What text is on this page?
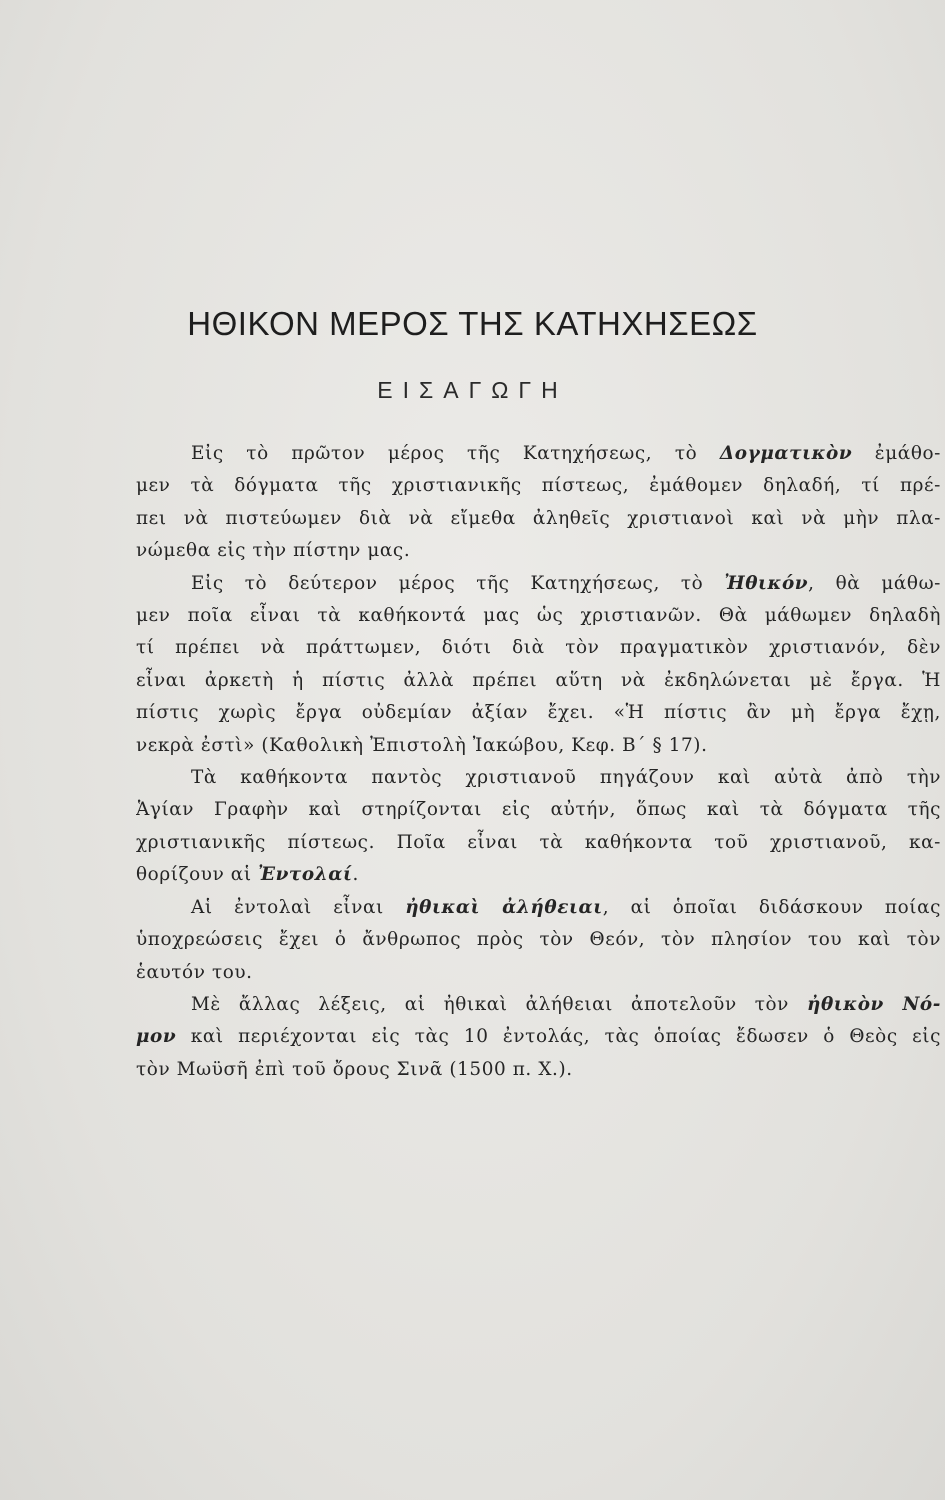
ΗΘΙΚΟΝ ΜΕΡΟΣ ΤΗΣ ΚΑΤΗΧΗΣΕΩΣ
ΕΙΣΑΓΩΓΗ
Εἰς τὸ πρῶτον μέρος τῆς Κατηχήσεως, τὸ Δογματικὸν ἐμάθο-
μεν τὰ δόγματα τῆς χριστιανικῆς πίστεως, ἐμάθομεν δηλαδή, τί πρέ-
πει νὰ πιστεύωμεν διὰ νὰ εἴμεθα ἀληθεῖς χριστιανοὶ καὶ νὰ μὴν πλα-
νώμεθα εἰς τὴν πίστην μας.
Εἰς τὸ δεύτερον μέρος τῆς Κατηχήσεως, τὸ Ἠθικόν, θὰ μάθω-
μεν ποῖα εἶναι τὰ καθήκοντά μας ὡς χριστιανῶν. Θὰ μάθωμεν δηλαδὴ
τί πρέπει νὰ πράττωμεν, διότι διὰ τὸν πραγματικὸν χριστιανόν, δὲν
εἶναι ἀρκετὴ ἡ πίστις ἀλλὰ πρέπει αὕτη νὰ ἐκδηλώνεται μὲ ἔργα. Ἡ
πίστις χωρὶς ἔργα οὐδεμίαν ἀξίαν ἔχει. «Ἡ πίστις ἂν μὴ ἔργα ἔχῃ,
νεκρὰ ἐστὶ» (Καθολικὴ Ἐπιστολὴ Ἰακώβου, Κεφ. Β΄ § 17).
Τὰ καθήκοντα παντὸς χριστιανοῦ πηγάζουν καὶ αὐτὰ ἀπὸ τὴν
Ἁγίαν Γραφὴν καὶ στηρίζονται εἰς αὐτήν, ὅπως καὶ τὰ δόγματα τῆς
χριστιανικῆς πίστεως. Ποῖα εἶναι τὰ καθήκοντα τοῦ χριστιανοῦ, κα-
θορίζουν αἱ Ἐντολαί.
Αἱ ἐντολαὶ εἶναι ἠθικαὶ ἀλήθειαι, αἱ ὁποῖαι διδάσκουν ποίας
ὑποχρεώσεις ἔχει ὁ ἄνθρωπος πρὸς τὸν Θεόν, τὸν πλησίον του καὶ τὸν
ἑαυτόν του.
Μὲ ἄλλας λέξεις, αἱ ἠθικαὶ ἀλήθειαι ἀποτελοῦν τὸν ἠθικὸν Νό-
μον καὶ περιέχονται εἰς τὰς 10 ἐντολάς, τὰς ὁποίας ἔδωσεν ὁ Θεὸς εἰς
τὸν Μωϋσῆ ἐπὶ τοῦ ὄρους Σινᾶ (1500 π. Χ.).
